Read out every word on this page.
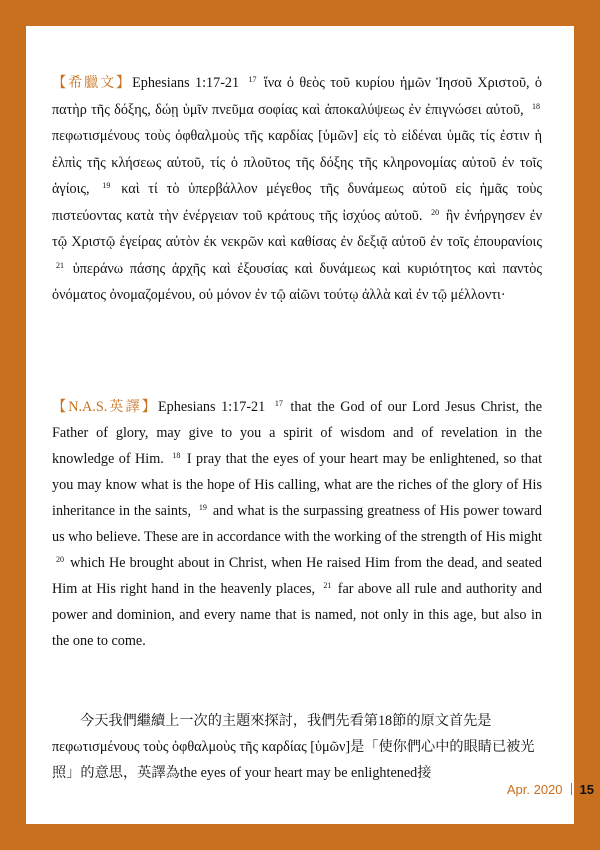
【希臘文】Ephesians 1:17-21 $^{17}$ ἵνα ὁ θεὸς τοῦ κυρίου ἡμῶν Ἰησοῦ Χριστοῦ, ὁ πατὴρ τῆς δόξης, δώῃ ὑμῖν πνεῦμα σοφίας καὶ ἀποκαλύψεως ἐν ἐπιγνώσει αὐτοῦ, $^{18}$ πεφωτισμένους τοὺς ὀφθαλμοὺς τῆς καρδίας [ὑμῶν] εἰς τὸ εἰδέναι ὑμᾶς τίς ἐστιν ἡ ἐλπὶς τῆς κλήσεως αὐτοῦ, τίς ὁ πλοῦτος τῆς δόξης τῆς κληρονομίας αὐτοῦ ἐν τοῖς ἁγίοις, $^{19}$ καὶ τί τὸ ὑπερβάλλον μέγεθος τῆς δυνάμεως αὐτοῦ εἰς ἡμᾶς τοὺς πιστεύοντας κατὰ τὴν ἐνέργειαν τοῦ κράτους τῆς ἰσχύος αὐτοῦ. $^{20}$ ἣν ἐνήργησεν ἐν τῷ Χριστῷ ἐγείρας αὐτὸν ἐκ νεκρῶν καὶ καθίσας ἐν δεξιᾷ αὐτοῦ ἐν τοῖς ἐπουρανίοις $^{21}$ ὑπεράνω πάσης ἀρχῆς καὶ ἐξουσίας καὶ δυνάμεως καὶ κυριότητος καὶ παντὸς ὀνόματος ὀνομαζομένου, οὐ μόνον ἐν τῷ αἰῶνι τούτῳ ἀλλὰ καὶ ἐν τῷ μέλλοντι·

【N.A.S.英譯】Ephesians 1:17-21 $^{17}$ that the God of our Lord Jesus Christ, the Father of glory, may give to you a spirit of wisdom and of revelation in the knowledge of Him. $^{18}$ I pray that the eyes of your heart may be enlightened, so that you may know what is the hope of His calling, what are the riches of the glory of His inheritance in the saints, $^{19}$ and what is the surpassing greatness of His power toward us who believe. These are in accordance with the working of the strength of His might $^{20}$ which He brought about in Christ, when He raised Him from the dead, and seated Him at His right hand in the heavenly places, $^{21}$ far above all rule and authority and power and dominion, and every name that is named, not only in this age, but also in the one to come.

今天我們繼續上一次的主題來探討，我們先看第18節的原文首先是πεφωτισμένους τοὺς ὀφθαλμοὺς τῆς καρδίας [ὑμῶν]是「使你們心中的眼睛已被光照」的意思，英譯為the eyes of your heart may be enlightened接

Apr. 2020 15
